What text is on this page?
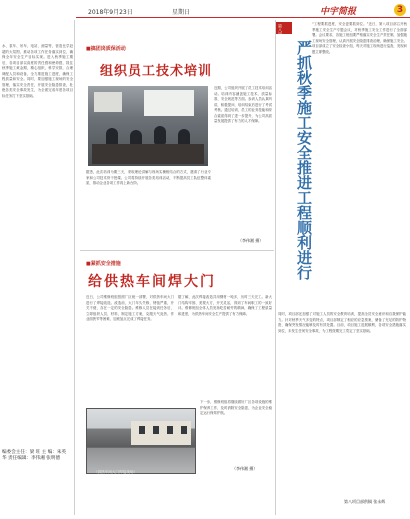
水、泵车、吊车、电站、测量等，营造比学赶超的大氛围，推动各项工作任务落实到位，确保全年安全生产目标实现。进入秋季施工期后，各项目部以高度的责任感和使命感，抓住秋季施工黄金期，精心组织，科学安排，合理调配人员和设备，全力推进施工进度，确保工程质量和安全。同时，要加强施工现场的安全管理，落实安全责任，开展安全隐患排查，杜绝各类安全事故发生，为全面完成年度各项目标任务打下坚实基础。
编委会主任：梁 旺 主 编：朱英华 责任编辑：李伟湘 张明德
2018年9月23日	星期日	中宇简报	3
■搞团岗质保活动
组织员工技术培训
近期，公司组织开展了员工技术培训活动。培训内容涵盖施工技术、质量标准、安全规范等方面。参训人员认真听讲，积极提问，培训结束后进行了考试考核。通过培训，员工的业务技能和综合素质得到了进一步提升，为公司高质量发展提供了有力的人才保障。
据悉，此次培训为期三天，采取理论讲解与现场实操相结合的方式，邀请了行业专家和公司技术骨干授课。公司将持续开展各类培训活动，不断提高员工队伍整体素质，推动企业各项工作再上新台阶。
（李伟湘 摄）
■紧抓安全措施
给供热车间焊大门
近日，公司维修班组按照厂区统一部署，对供热车间大门进行了焊接改造。改造前，大门年久失修，锈蚀严重，开关不便，存在一定的安全隐患。维修人员在接到任务后，立即组织人员、材料，制定施工方案，克服天气炎热、作业面狭窄等困难，加班加点完成了焊接任务。
据了解，此次焊接改造共用钢材一吨多，历时三天完工。新大门结构牢固、美观大方，开关灵活，得到了车间职工的一致好评。维修班组全体人员发扬吃苦耐劳的精神，确保了工程质量和进度，为供热车间安全生产提供了有力保障。
（供热车间大门焊接现场）
下一步，维修班组将继续做好厂区各项设施的维护保养工作，及时消除安全隐患，为企业安全稳定运行保驾护航。
（李伟湘 摄）
第八项目部
严抓秋季施工安全推进工程顺利进行
“工程要抓进度，安全更要抓到位。”近日，第八项目部召开秋季施工安全生产专题会议，对秋季施工安全工作进行了全面部署。会议要求，各施工班组要严格落实安全生产责任制，加强施工现场安全管理，认真开展安全隐患排查治理，确保施工安全。项目部成立了安全检查小组，每天对施工现场进行巡查，发现问题立即整改。
同时，项目部还加强了对施工人员的安全教育培训，提高全员安全意识和自我保护能力。针对秋季天气多变的特点，项目部制定了相应的应急预案，储备了充足的防护物资，确保突发情况能够及时有效处置。目前，项目施工进展顺利，各项安全措施落实到位，未发生任何安全事故，为工程按期完工奠定了坚实基础。
第八项目部供稿 张永辉
